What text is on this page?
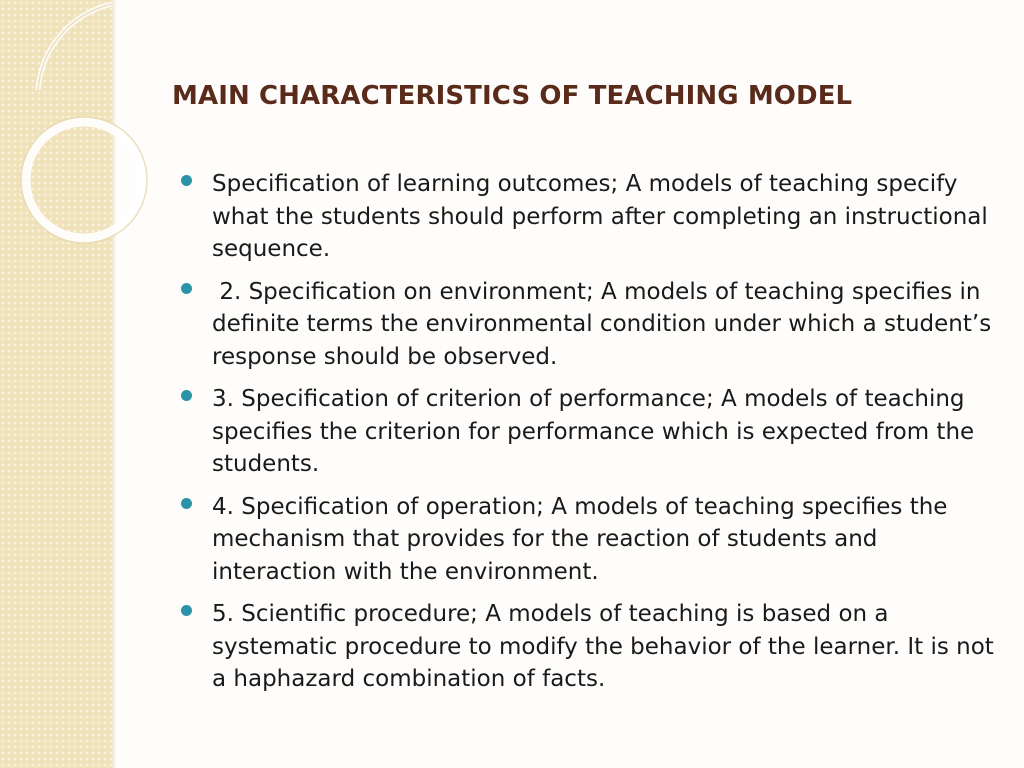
MAIN CHARACTERISTICS OF TEACHING MODEL
Specification of learning outcomes; A models of teaching specify what the students should perform after completing an instructional sequence.
2. Specification on environment; A models of teaching specifies in definite terms the environmental condition under which a student’s response should be observed.
3. Specification of criterion of performance; A models of teaching specifies the criterion for performance which is expected from the students.
4. Specification of operation; A models of teaching specifies the mechanism that provides for the reaction of students and interaction with the environment.
5. Scientific procedure; A models of teaching is based on a systematic procedure to modify the behavior of the learner. It is not a haphazard combination of facts.
